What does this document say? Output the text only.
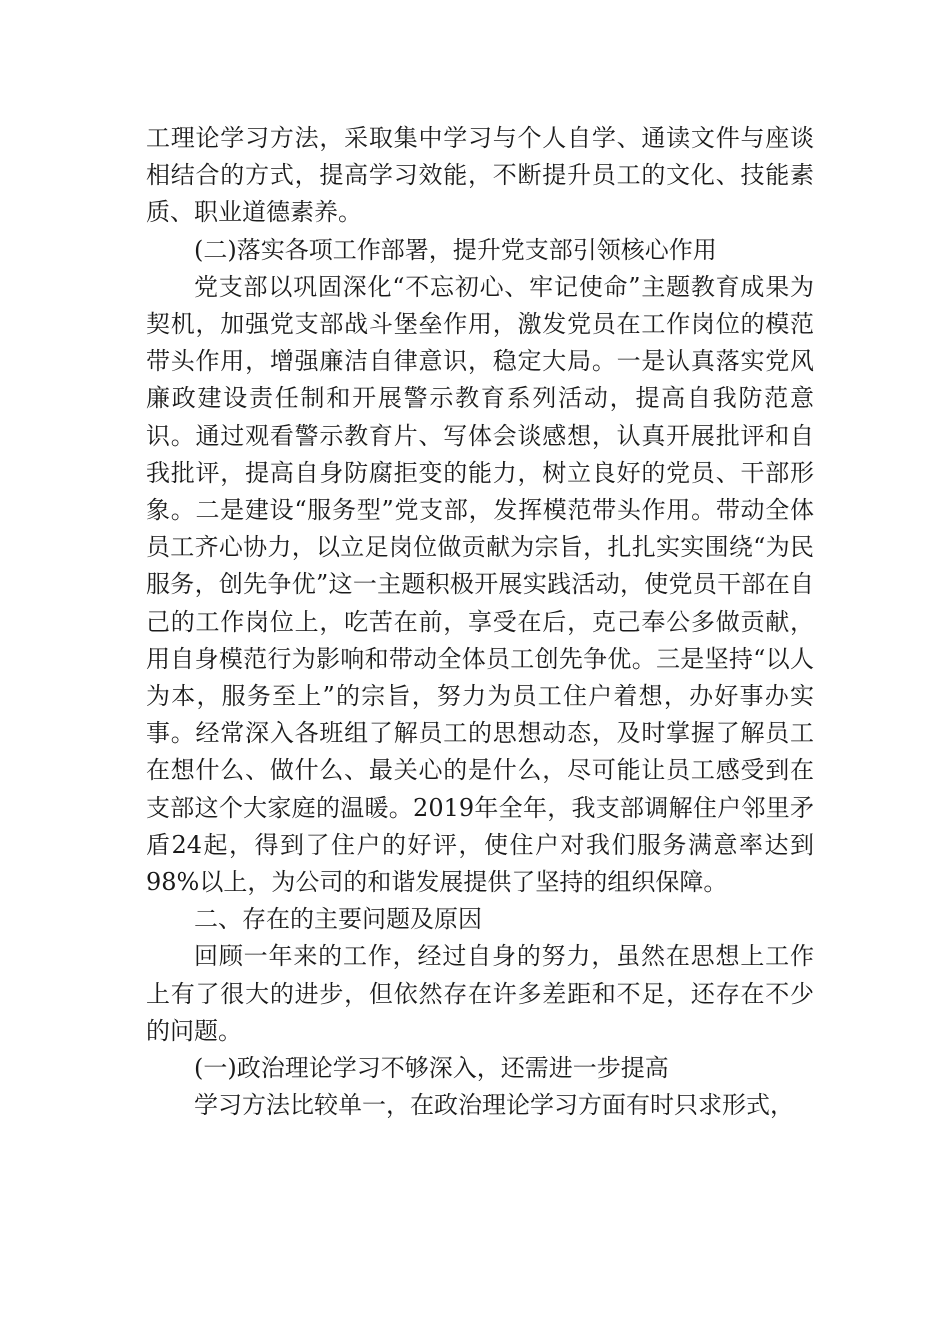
工理论学习方法，采取集中学习与个人自学、通读文件与座谈相结合的方式，提高学习效能，不断提升员工的文化、技能素质、职业道德素养。

(二)落实各项工作部署，提升党支部引领核心作用

党支部以巩固深化“不忘初心、牢记使命”主题教育成果为契机，加强党支部战斗堡垒作用，激发党员在工作岗位的模范带头作用，增强廉洁自律意识，稳定大局。一是认真落实党风廉政建设责任制和开展警示教育系列活动，提高自我防范意识。通过观看警示教育片、写体会谈感想，认真开展批评和自我批评，提高自身防腐拒变的能力，树立良好的党员、干部形象。二是建设“服务型”党支部，发挥模范带头作用。带动全体员工齐心协力，以立足岗位做贡献为宗旨，扎扎实实围绕“为民服务，创先争优”这一主题积极开展实践活动，使党员干部在自己的工作岗位上，吃苦在前，享受在后，克己奉公多做贡献，用自身模范行为影响和带动全体员工创先争优。三是坚持“以人为本，服务至上”的宗旨，努力为员工住户着想，办好事办实事。经常深入各班组了解员工的思想动态，及时掌握了解员工在想什么、做什么、最关心的是什么，尽可能让员工感受到在支部这个大家庭的温暖。2019年全年，我支部调解住户邻里矛盾24起，得到了住户的好评，使住户对我们服务满意率达到98%以上，为公司的和谐发展提供了坚持的组织保障。

二、存在的主要问题及原因

回顾一年来的工作，经过自身的努力，虽然在思想上工作上有了很大的进步，但依然存在许多差距和不足，还存在不少的问题。

(一)政治理论学习不够深入，还需进一步提高

学习方法比较单一，在政治理论学习方面有时只求形式，
